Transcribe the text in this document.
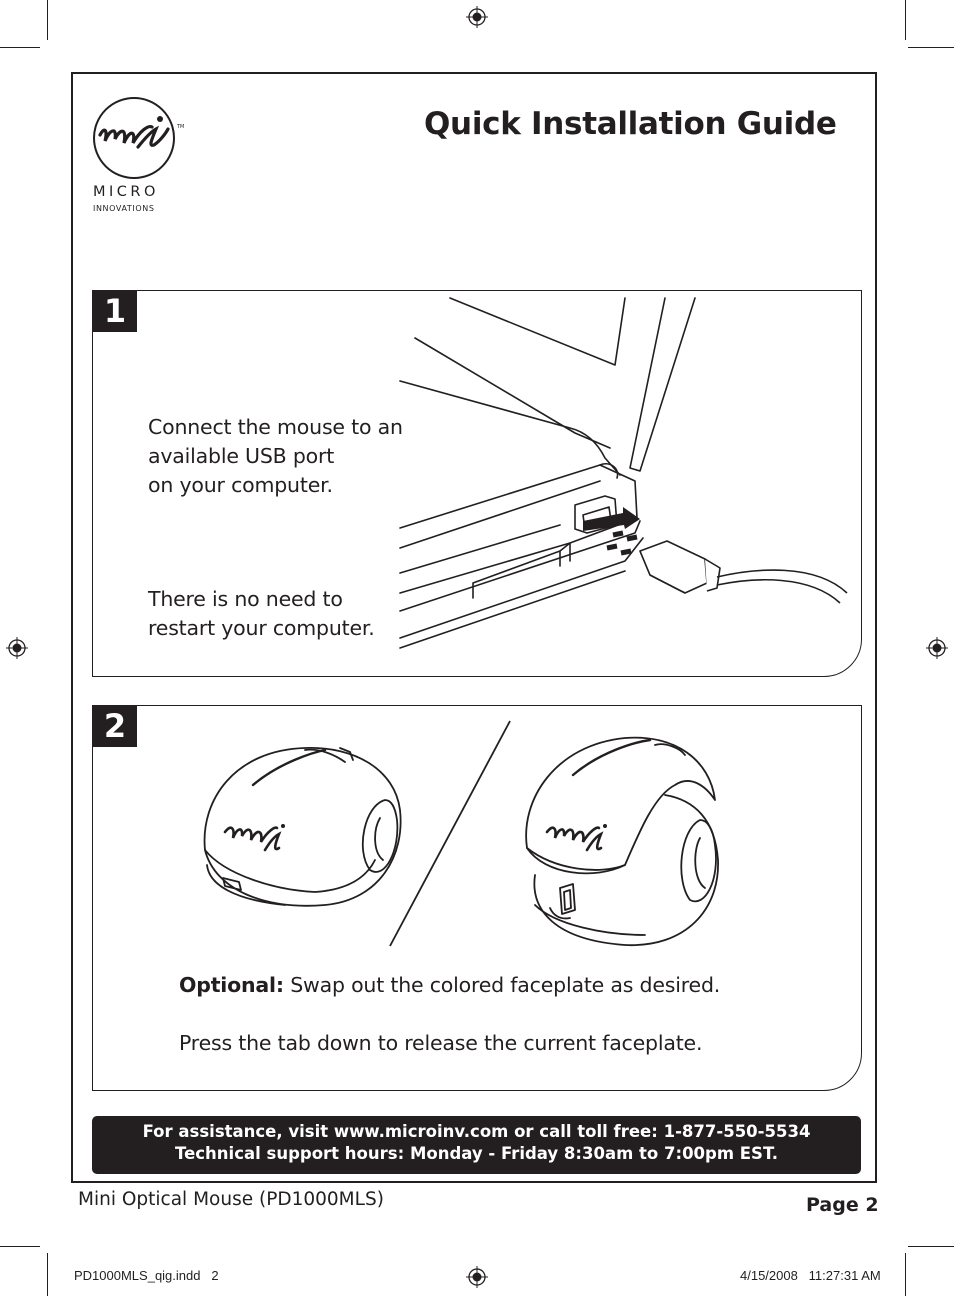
TM
MICRO
INNOVATIONS
Quick Installation Guide
1
Connect the mouse to an
available USB port
on your computer.
There is no need to
restart your computer.
2
Optional: Swap out the colored faceplate as desired.
Press the tab down to release the current faceplate.
For assistance, visit www.microinv.com or call toll free: 1-877-550-5534
Technical support hours: Monday - Friday 8:30am to 7:00pm EST.
Mini Optical Mouse (PD1000MLS)	Page 2
PD1000MLS_qig.indd   2	4/15/2008   11:27:31 AM
